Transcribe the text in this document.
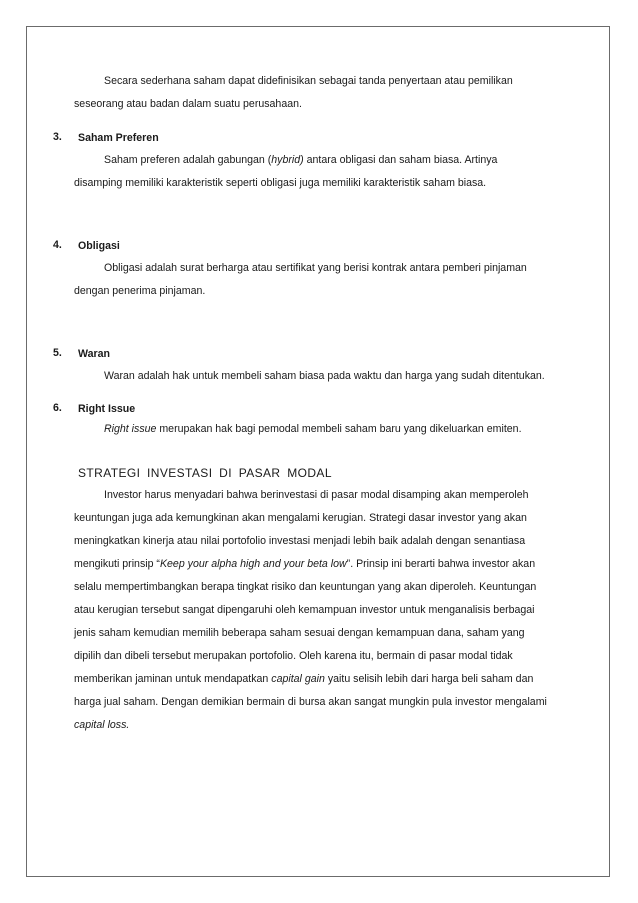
Secara sederhana saham dapat didefinisikan sebagai tanda penyertaan atau pemilikan

seseorang atau badan dalam suatu perusahaan.

3. Saham Preferen

Saham preferen adalah gabungan (hybrid) antara obligasi dan saham biasa. Artinya

disamping memiliki karakteristik seperti obligasi juga memiliki karakteristik saham biasa.

4. Obligasi

Obligasi adalah surat berharga atau sertifikat yang berisi kontrak antara pemberi pinjaman

dengan penerima pinjaman.

5. Waran

Waran adalah hak untuk membeli saham biasa pada waktu dan harga yang sudah ditentukan.

6. Right Issue

Right issue merupakan hak bagi pemodal membeli saham baru yang dikeluarkan emiten.

STRATEGI INVESTASI DI PASAR MODAL

Investor harus menyadari bahwa berinvestasi di pasar modal disamping akan memperoleh

keuntungan juga ada kemungkinan akan mengalami kerugian. Strategi dasar investor yang akan

meningkatkan kinerja atau nilai portofolio investasi menjadi lebih baik adalah dengan senantiasa

mengikuti prinsip “Keep your alpha high and your beta low”. Prinsip ini berarti bahwa investor akan

selalu mempertimbangkan berapa tingkat risiko dan keuntungan yang akan diperoleh. Keuntungan

atau kerugian tersebut sangat dipengaruhi oleh kemampuan investor untuk menganalisis berbagai

jenis saham kemudian memilih beberapa saham sesuai dengan kemampuan dana, saham yang

dipilih dan dibeli tersebut merupakan portofolio. Oleh karena itu, bermain di pasar modal tidak

memberikan jaminan untuk mendapatkan capital gain yaitu selisih lebih dari harga beli saham dan

harga jual saham. Dengan demikian bermain di bursa akan sangat mungkin pula investor mengalami

capital loss.
